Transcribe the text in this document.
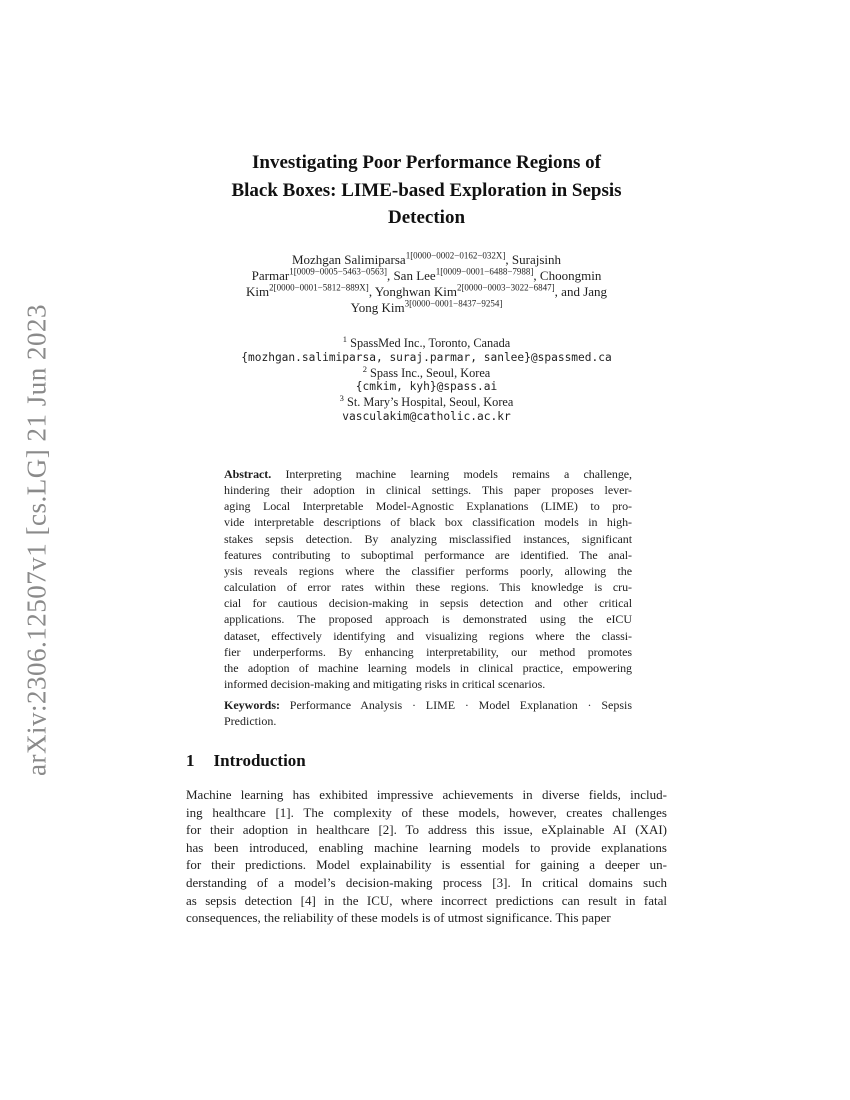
arXiv:2306.12507v1 [cs.LG] 21 Jun 2023
Investigating Poor Performance Regions of
Black Boxes: LIME-based Exploration in Sepsis
Detection
Mozhgan Salimiparsa$^{1[0000-0002-0162-032X]}$, Surajsinh
Parmar$^{1[0009-0005-5463-0563]}$, San Lee$^{1[0009-0001-6488-7988]}$, Choongmin
Kim$^{2[0000-0001-5812-889X]}$, Yonghwan Kim$^{2[0000-0003-3022-6847]}$, and Jang
Yong Kim$^{3[0000-0001-8437-9254]}$
$^1$ SpassMed Inc., Toronto, Canada
{mozhgan.salimiparsa, suraj.parmar, sanlee}@spassmed.ca
$^2$ Spass Inc., Seoul, Korea
{cmkim, kyh}@spass.ai
$^3$ St. Mary’s Hospital, Seoul, Korea
vasculakim@catholic.ac.kr
Abstract. Interpreting machine learning models remains a challenge,
hindering their adoption in clinical settings. This paper proposes lever-
aging Local Interpretable Model-Agnostic Explanations (LIME) to pro-
vide interpretable descriptions of black box classification models in high-
stakes sepsis detection. By analyzing misclassified instances, significant
features contributing to suboptimal performance are identified. The anal-
ysis reveals regions where the classifier performs poorly, allowing the
calculation of error rates within these regions. This knowledge is cru-
cial for cautious decision-making in sepsis detection and other critical
applications. The proposed approach is demonstrated using the eICU
dataset, effectively identifying and visualizing regions where the classi-
fier underperforms. By enhancing interpretability, our method promotes
the adoption of machine learning models in clinical practice, empowering
informed decision-making and mitigating risks in critical scenarios.
Keywords: Performance Analysis · LIME · Model Explanation · Sepsis
Prediction.
1 Introduction
Machine learning has exhibited impressive achievements in diverse fields, includ-
ing healthcare [1]. The complexity of these models, however, creates challenges
for their adoption in healthcare [2]. To address this issue, eXplainable AI (XAI)
has been introduced, enabling machine learning models to provide explanations
for their predictions. Model explainability is essential for gaining a deeper un-
derstanding of a model’s decision-making process [3]. In critical domains such
as sepsis detection [4] in the ICU, where incorrect predictions can result in fatal
consequences, the reliability of these models is of utmost significance. This paper
